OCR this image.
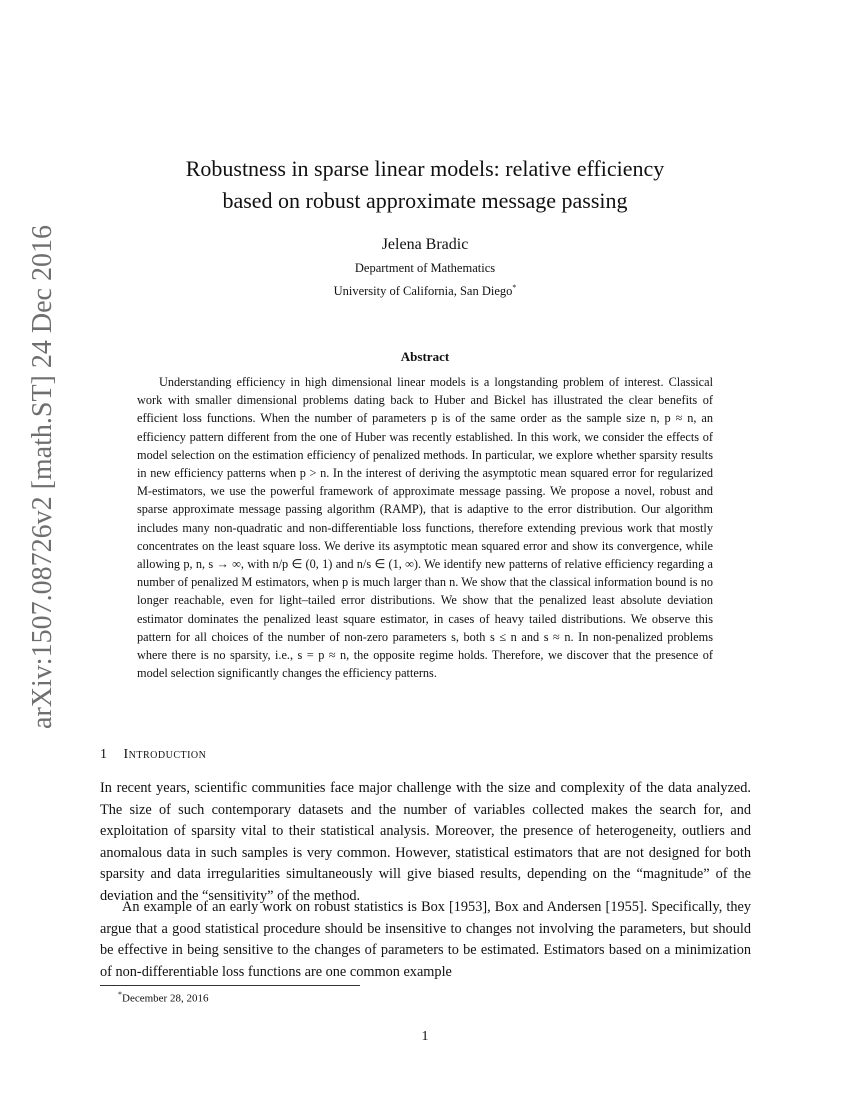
arXiv:1507.08726v2 [math.ST] 24 Dec 2016
Robustness in sparse linear models: relative efficiency
based on robust approximate message passing
Jelena Bradic
Department of Mathematics
University of California, San Diego*
Abstract
Understanding efficiency in high dimensional linear models is a longstanding problem of interest. Classical work with smaller dimensional problems dating back to Huber and Bickel has illustrated the clear benefits of efficient loss functions. When the number of parameters p is of the same order as the sample size n, p ≈ n, an efficiency pattern different from the one of Huber was recently established. In this work, we consider the effects of model selection on the estimation efficiency of penalized methods. In particular, we explore whether sparsity results in new efficiency patterns when p > n. In the interest of deriving the asymptotic mean squared error for regularized M-estimators, we use the powerful framework of approximate message passing. We propose a novel, robust and sparse approximate message passing algorithm (RAMP), that is adaptive to the error distribution. Our algorithm includes many non-quadratic and non-differentiable loss functions, therefore extending previous work that mostly concentrates on the least square loss. We derive its asymptotic mean squared error and show its convergence, while allowing p, n, s → ∞, with n/p ∈ (0, 1) and n/s ∈ (1, ∞). We identify new patterns of relative efficiency regarding a number of penalized M estimators, when p is much larger than n. We show that the classical information bound is no longer reachable, even for light–tailed error distributions. We show that the penalized least absolute deviation estimator dominates the penalized least square estimator, in cases of heavy tailed distributions. We observe this pattern for all choices of the number of non-zero parameters s, both s ≤ n and s ≈ n. In non-penalized problems where there is no sparsity, i.e., s = p ≈ n, the opposite regime holds. Therefore, we discover that the presence of model selection significantly changes the efficiency patterns.
1 Introduction
In recent years, scientific communities face major challenge with the size and complexity of the data analyzed. The size of such contemporary datasets and the number of variables collected makes the search for, and exploitation of sparsity vital to their statistical analysis. Moreover, the presence of heterogeneity, outliers and anomalous data in such samples is very common. However, statistical estimators that are not designed for both sparsity and data irregularities simultaneously will give biased results, depending on the “magnitude” of the deviation and the “sensitivity” of the method.
An example of an early work on robust statistics is Box [1953], Box and Andersen [1955]. Specifically, they argue that a good statistical procedure should be insensitive to changes not involving the parameters, but should be effective in being sensitive to the changes of parameters to be estimated. Estimators based on a minimization of non-differentiable loss functions are one common example
*December 28, 2016
1
